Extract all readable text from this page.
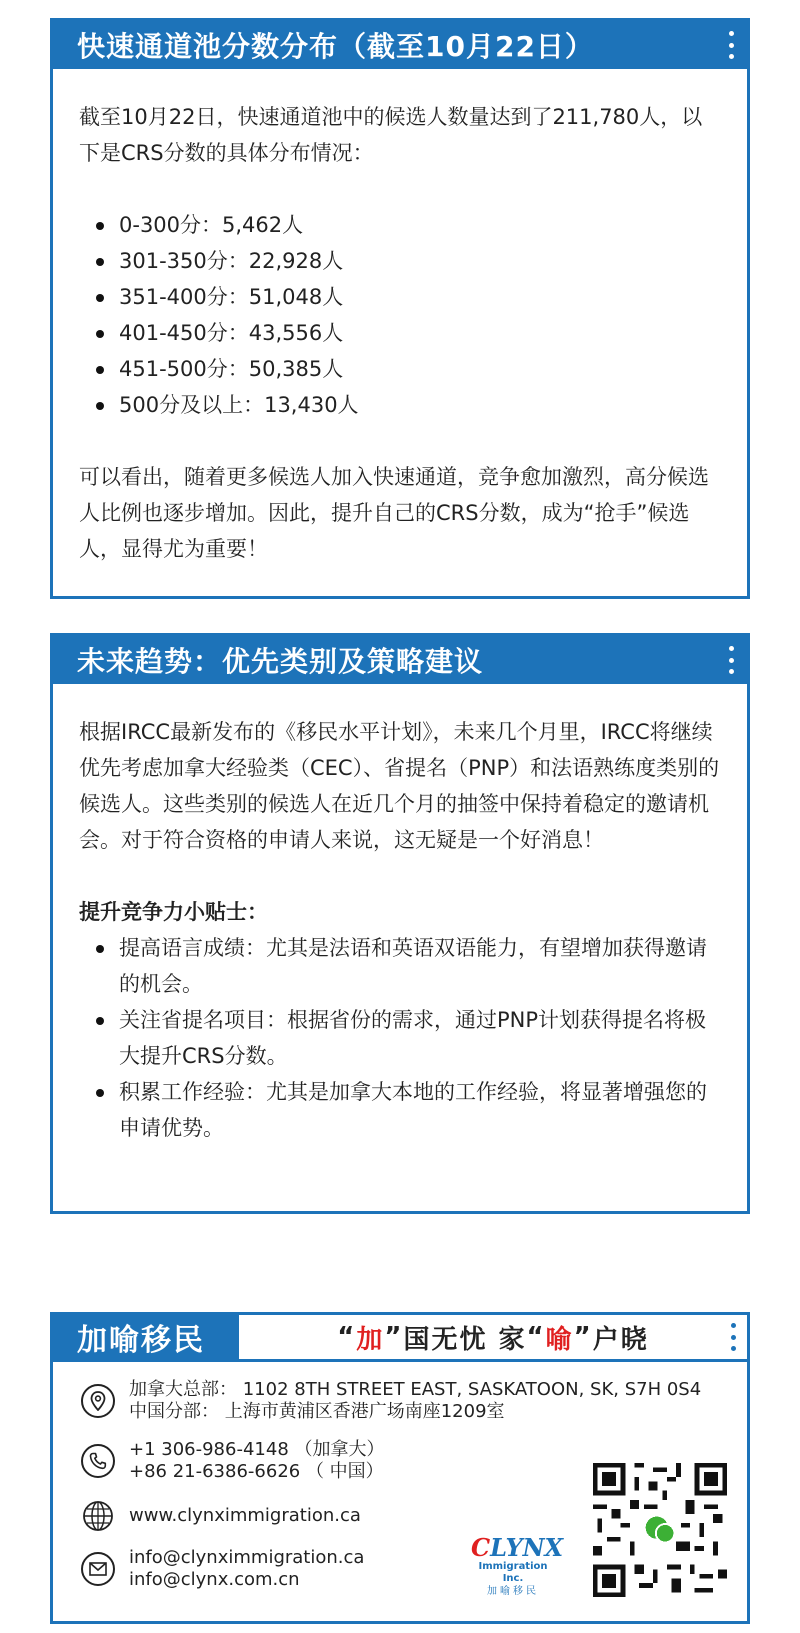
快速通道池分数分布（截至10月22日）

截至10月22日，快速通道池中的候选人数量达到了211,780人，以下是CRS分数的具体分布情况：

0-300分：5,462人
301-350分：22,928人
351-400分：51,048人
401-450分：43,556人
451-500分：50,385人
500分及以上：13,430人

可以看出，随着更多候选人加入快速通道，竞争愈加激烈，高分候选人比例也逐步增加。因此，提升自己的CRS分数，成为“抢手”候选人，显得尤为重要！

未来趋势：优先类别及策略建议

根据IRCC最新发布的《移民水平计划》，未来几个月里，IRCC将继续优先考虑加拿大经验类（CEC）、省提名（PNP）和法语熟练度类别的候选人。这些类别的候选人在近几个月的抽签中保持着稳定的邀请机会。对于符合资格的申请人来说，这无疑是一个好消息！

提升竞争力小贴士：

提高语言成绩：尤其是法语和英语双语能力，有望增加获得邀请的机会。
关注省提名项目：根据省份的需求，通过PNP计划获得提名将极大提升CRS分数。
积累工作经验：尤其是加拿大本地的工作经验，将显著增强您的申请优势。
加喻移民	“ 加 ” 国无忧 家 “ 喻 ” 户晓
加拿大总部： 1102 8TH STREET EAST, SASKATOON, SK, S7H 0S4
中国分部： 上海市黄浦区香港广场南座1209室
+1 306-986-4148 （加拿大）
+86 21-6386-6626 （ 中国）
www.clynximmigration.ca
info@clynximmigration.ca
info@clynx.com.cn
CLYNX
Immigration Inc.
加喻移民
